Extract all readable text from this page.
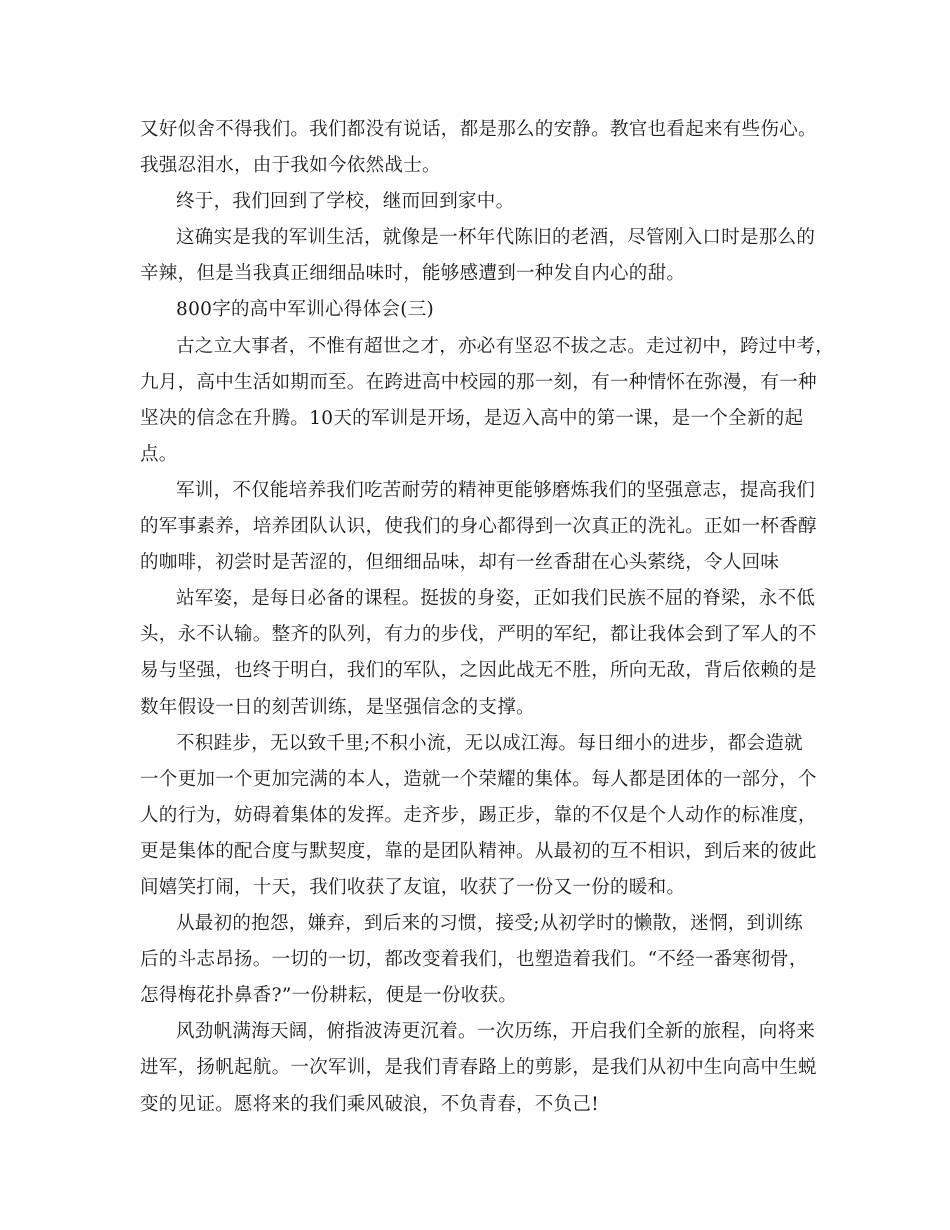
又好似舍不得我们。我们都没有说话，都是那么的安静。教官也看起来有些伤心。
我强忍泪水，由于我如今依然战士。
终于，我们回到了学校，继而回到家中。
这确实是我的军训生活，就像是一杯年代陈旧的老酒，尽管刚入口时是那么的
辛辣，但是当我真正细细品味时，能够感遭到一种发自内心的甜。
800字的高中军训心得体会(三)
古之立大事者，不惟有超世之才，亦必有坚忍不拔之志。走过初中，跨过中考，
九月，高中生活如期而至。在跨进高中校园的那一刻，有一种情怀在弥漫，有一种
坚决的信念在升腾。10天的军训是开场，是迈入高中的第一课，是一个全新的起
点。
军训，不仅能培养我们吃苦耐劳的精神更能够磨炼我们的坚强意志，提高我们
的军事素养，培养团队认识，使我们的身心都得到一次真正的洗礼。正如一杯香醇
的咖啡，初尝时是苦涩的，但细细品味，却有一丝香甜在心头萦绕，令人回味
站军姿，是每日必备的课程。挺拔的身姿，正如我们民族不屈的脊梁，永不低
头，永不认输。整齐的队列，有力的步伐，严明的军纪，都让我体会到了军人的不
易与坚强，也终于明白，我们的军队，之因此战无不胜，所向无敌，背后依赖的是
数年假设一日的刻苦训练，是坚强信念的支撑。
不积跬步，无以致千里;不积小流，无以成江海。每日细小的进步，都会造就
一个更加一个更加完满的本人，造就一个荣耀的集体。每人都是团体的一部分，个
人的行为，妨碍着集体的发挥。走齐步，踢正步，靠的不仅是个人动作的标准度，
更是集体的配合度与默契度，靠的是团队精神。从最初的互不相识，到后来的彼此
间嬉笑打闹，十天，我们收获了友谊，收获了一份又一份的暖和。
从最初的抱怨，嫌弃，到后来的习惯，接受;从初学时的懒散，迷惘，到训练
后的斗志昂扬。一切的一切，都改变着我们，也塑造着我们。“不经一番寒彻骨，
怎得梅花扑鼻香?”一份耕耘，便是一份收获。
风劲帆满海天阔，俯指波涛更沉着。一次历练，开启我们全新的旅程，向将来
进军，扬帆起航。一次军训，是我们青春路上的剪影，是我们从初中生向高中生蜕
变的见证。愿将来的我们乘风破浪，不负青春，不负己!
